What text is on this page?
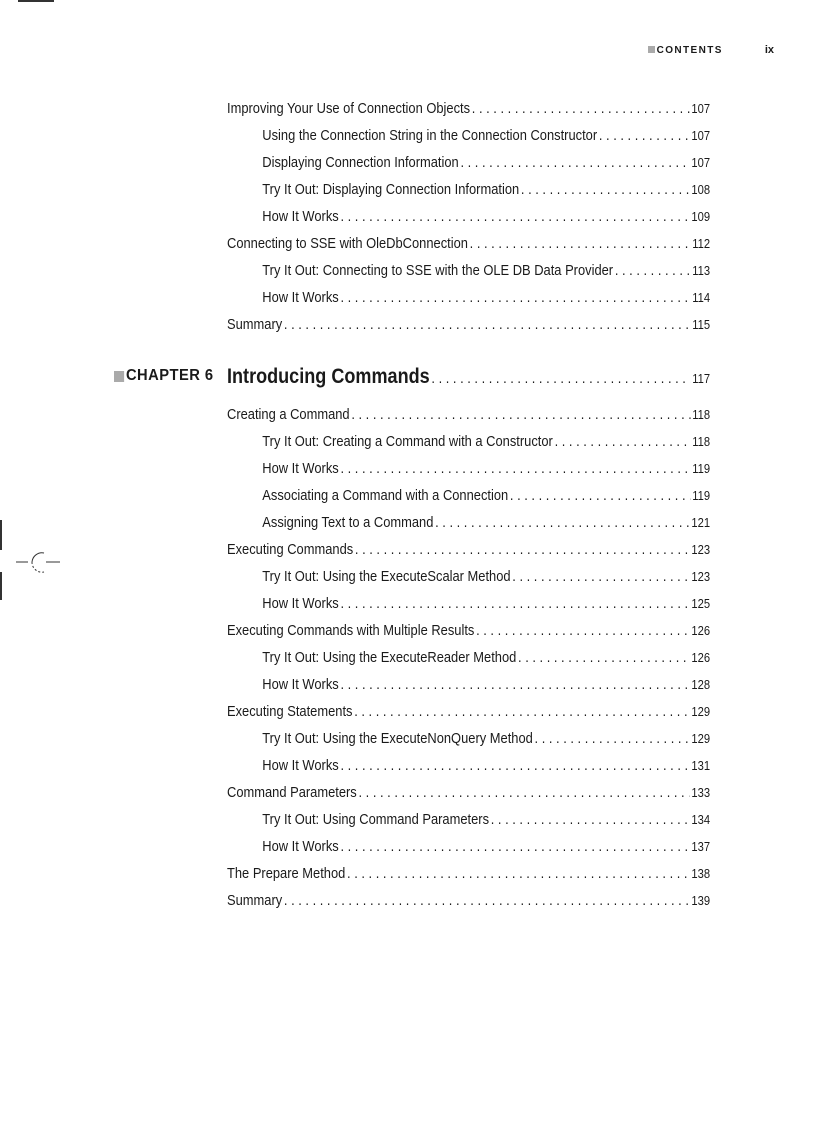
CONTENTS	ix
Improving Your Use of Connection Objects . . .	107
Using the Connection String in the Connection Constructor . . .	107
Displaying Connection Information . . .	107
Try It Out: Displaying Connection Information . . .	108
How It Works . . .	109
Connecting to SSE with OleDbConnection . . .	112
Try It Out: Connecting to SSE with the OLE DB Data Provider . . .	113
How It Works . . .	114
Summary . . .	115
CHAPTER 6 Introducing Commands . . .	117
Creating a Command . . .	118
Try It Out: Creating a Command with a Constructor . . .	118
How It Works . . .	119
Associating a Command with a Connection . . .	119
Assigning Text to a Command . . .	121
Executing Commands . . .	123
Try It Out: Using the ExecuteScalar Method . . .	123
How It Works . . .	125
Executing Commands with Multiple Results . . .	126
Try It Out: Using the ExecuteReader Method . . .	126
How It Works . . .	128
Executing Statements . . .	129
Try It Out: Using the ExecuteNonQuery Method . . .	129
How It Works . . .	131
Command Parameters . . .	133
Try It Out: Using Command Parameters . . .	134
How It Works . . .	137
The Prepare Method . . .	138
Summary . . .	139
